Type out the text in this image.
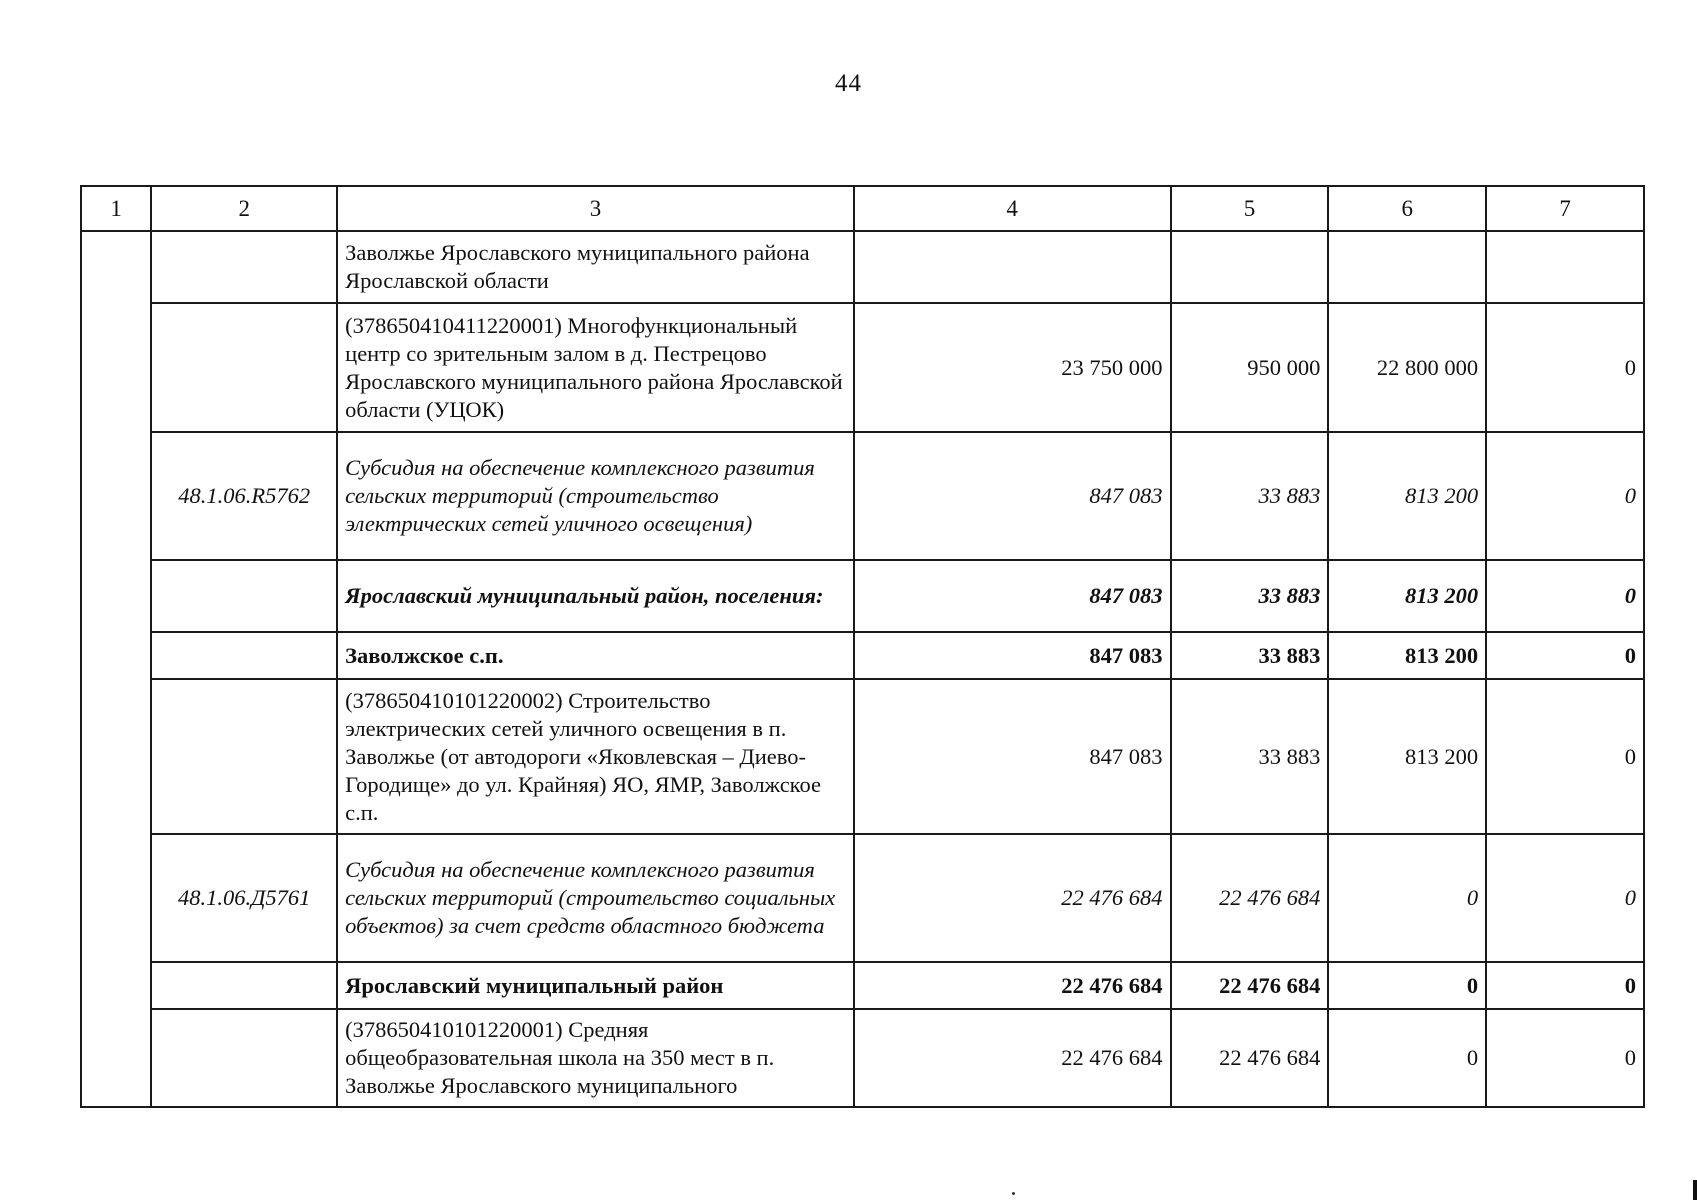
44
1	2	3	4	5	6	7
		Заволжье Ярославского муниципального района Ярославской области				
		(378650410411220001) Многофункциональный центр со зрительным залом в д. Пестрецово Ярославского муниципального района Ярославской области (УЦОК)	23 750 000	950 000	22 800 000	0
	48.1.06.R5762	Субсидия на обеспечение комплексного развития сельских территорий (строительство электрических сетей уличного освещения)	847 083	33 883	813 200	0
		Ярославский муниципальный район, поселения:	847 083	33 883	813 200	0
		Заволжское с.п.	847 083	33 883	813 200	0
		(378650410101220002) Строительство электрических сетей уличного освещения в п. Заволжье (от автодороги «Яковлевская – Диево-Городище» до ул. Крайняя) ЯО, ЯМР, Заволжское с.п.	847 083	33 883	813 200	0
	48.1.06.Д5761	Субсидия на обеспечение комплексного развития сельских территорий (строительство социальных объектов) за счет средств областного бюджета	22 476 684	22 476 684	0	0
		Ярославский муниципальный район	22 476 684	22 476 684	0	0
		(378650410101220001) Средняя общеобразовательная школа на 350 мест в п. Заволжье Ярославского муниципального	22 476 684	22 476 684	0	0
